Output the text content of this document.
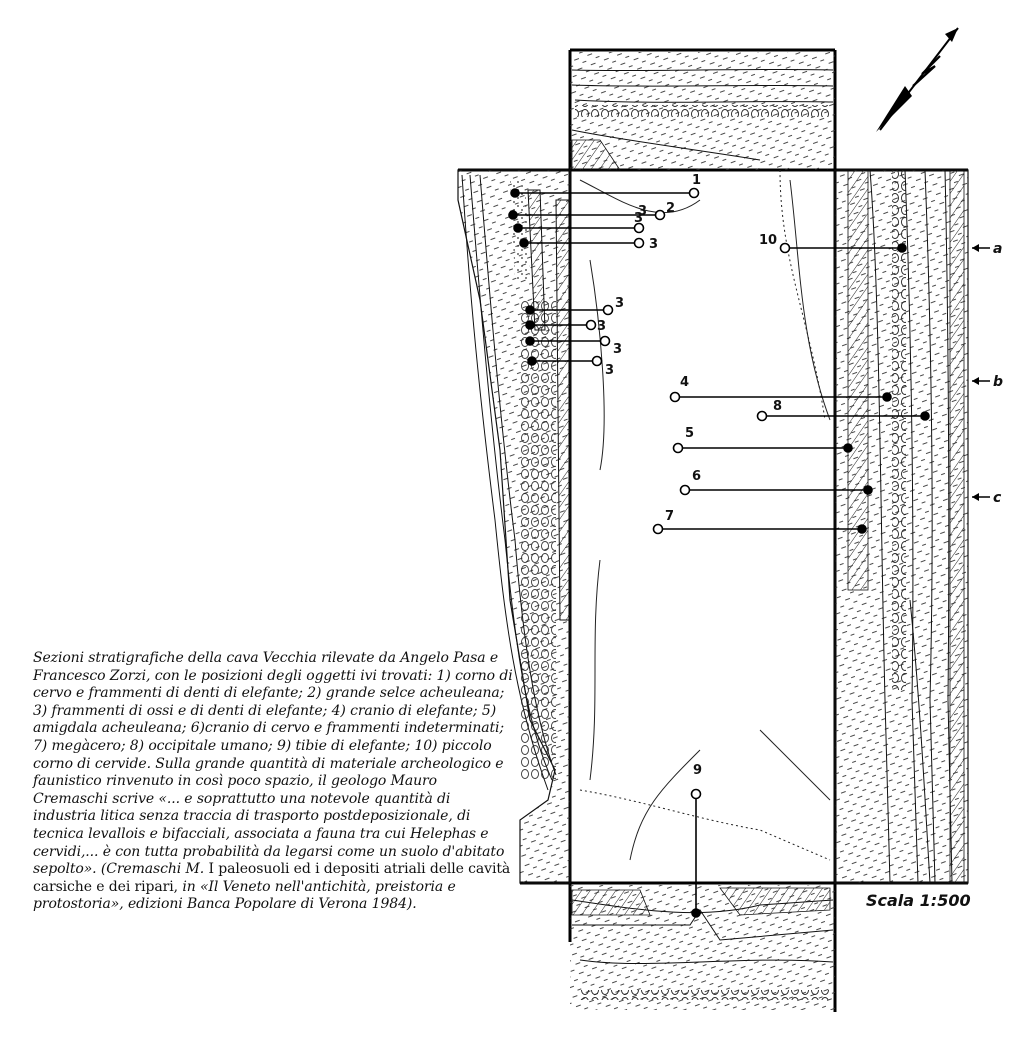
1
2
3
3
3
3
3
3
3
4
5
6
7
8
9
10
a
b
c
Scala 1:500
Sezioni stratigrafiche della cava Vecchia rilevate da Angelo Pasa e Francesco Zorzi, con le posizioni degli oggetti ivi trovati: 1) corno di cervo e frammenti di denti di elefante; 2) grande selce acheuleana; 3) frammenti di ossi e di denti di elefante; 4) cranio di elefante; 5) amigdala acheuleana; 6)cranio di cervo e frammenti indeterminati; 7) megàcero; 8) occipitale umano; 9) tibie di elefante; 10) piccolo corno di cervide. Sulla grande quantità di materiale archeologico e faunistico rinvenuto in così poco spazio, il geologo Mauro Cremaschi scrive «... e soprattutto una notevole quantità di industria litica senza traccia di trasporto postdeposizionale, di tecnica levallois e bifacciali, associata a fauna tra cui Helephas e cervidi,... è con tutta probabilità da legarsi come un suolo d'abitato sepolto». (Cremaschi M. I paleosuoli ed i depositi atriali delle cavità carsiche e dei ripari, in «Il Veneto nell'antichità, preistoria e protostoria», edizioni Banca Popolare di Verona 1984).
